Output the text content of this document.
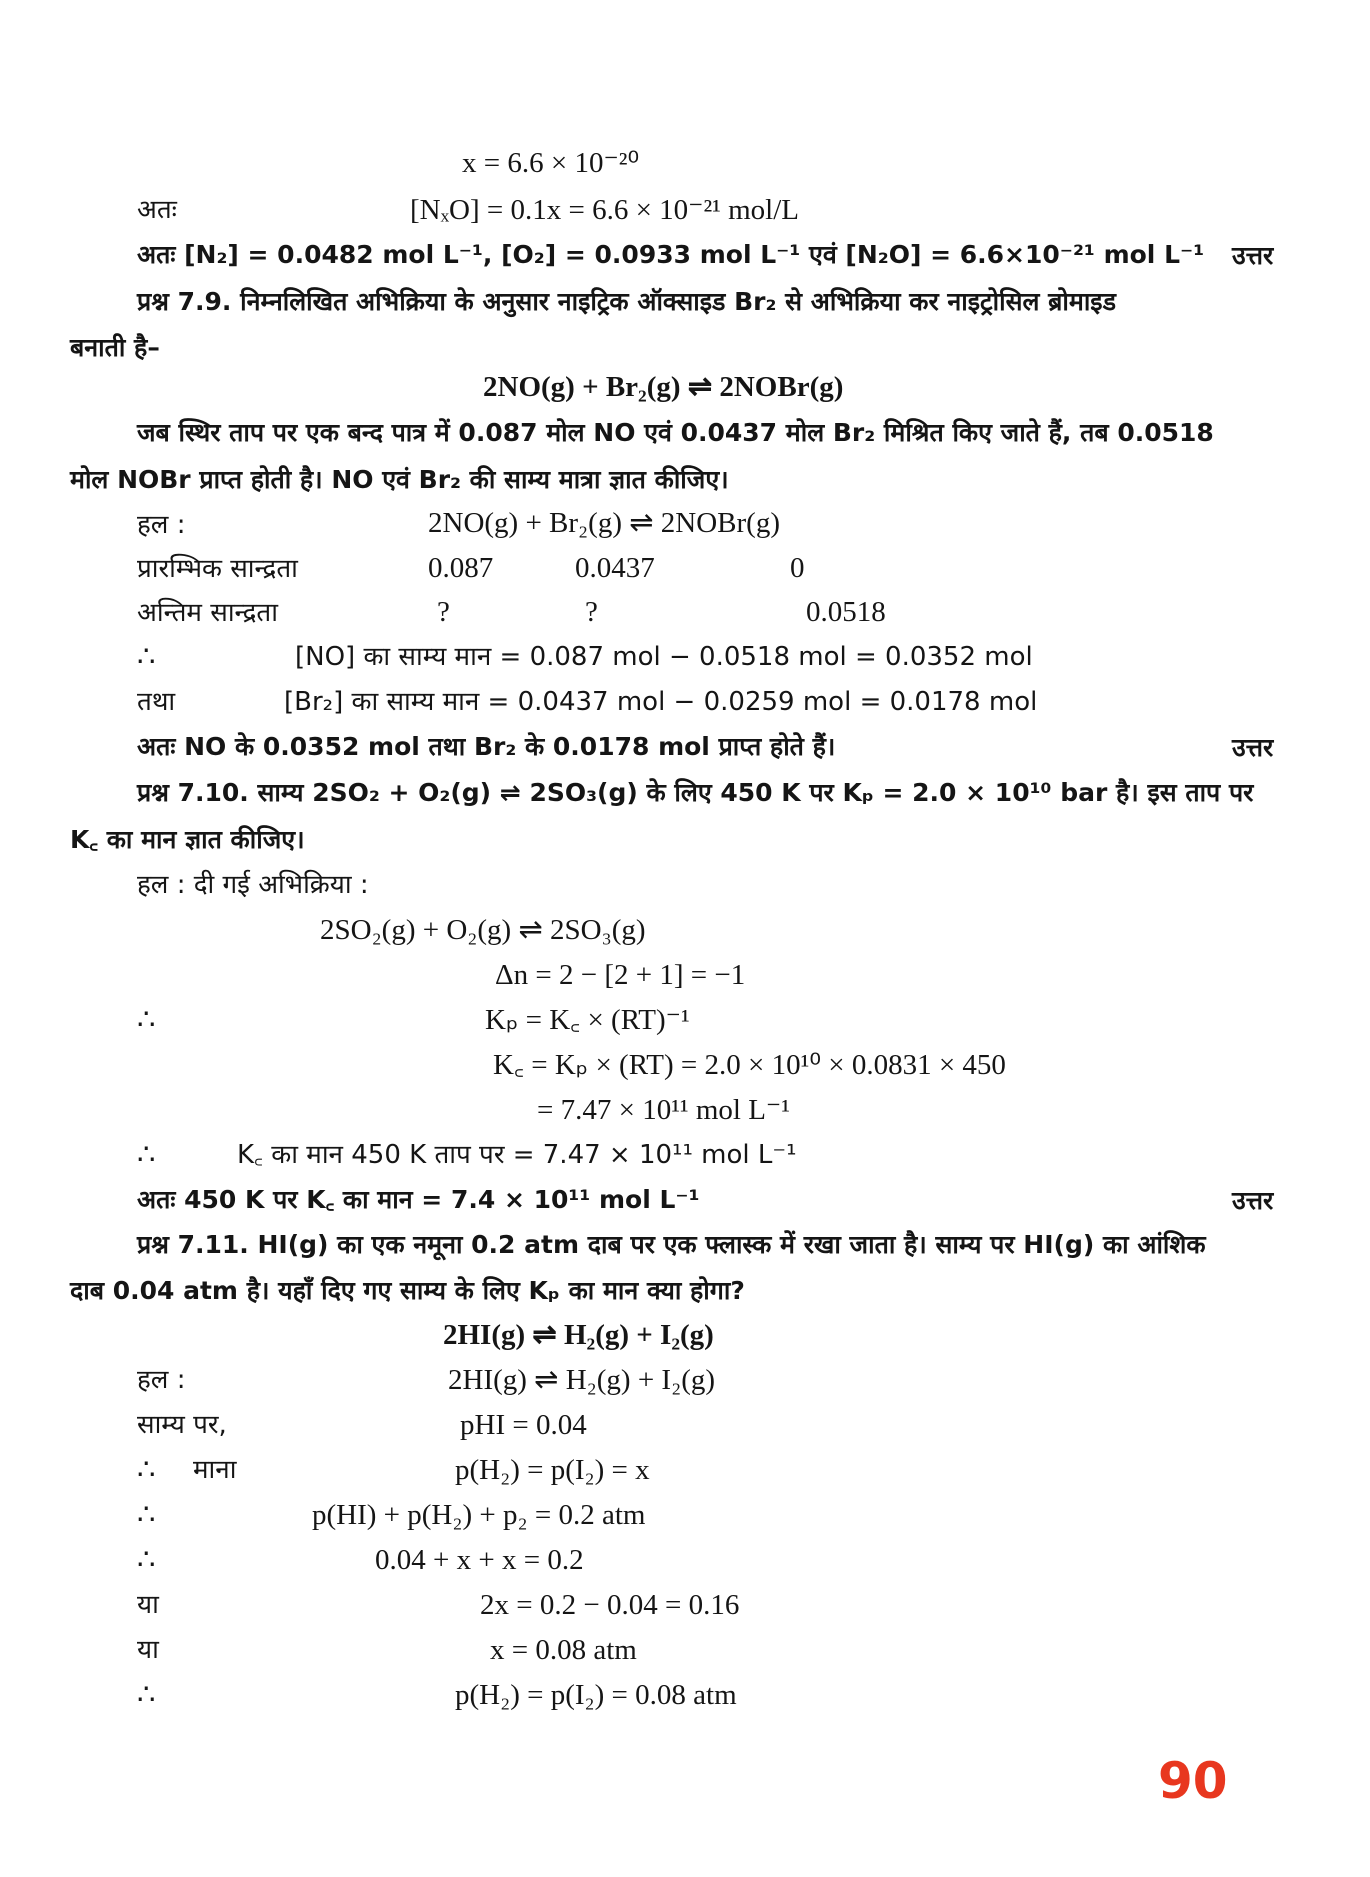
x = 6.6 × 10⁻²⁰
अतः	[NₓO] = 0.1x = 6.6 × 10⁻²¹ mol/L
अतः [N₂] = 0.0482 mol L⁻¹, [O₂] = 0.0933 mol L⁻¹ एवं [N₂O] = 6.6×10⁻²¹ mol L⁻¹ उत्तर
प्रश्न 7.9. निम्नलिखित अभिक्रिया के अनुसार नाइट्रिक ऑक्साइड Br₂ से अभिक्रिया कर नाइट्रोसिल ब्रोमाइड
बनाती है–
2NO(g) + Br₂(g) ⇌ 2NOBr(g)
जब स्थिर ताप पर एक बन्द पात्र में 0.087 मोल NO एवं 0.0437 मोल Br₂ मिश्रित किए जाते हैं, तब 0.0518
मोल NOBr प्राप्त होती है। NO एवं Br₂ की साम्य मात्रा ज्ञात कीजिए।
हल :	2NO(g) + Br₂(g) ⇌ 2NOBr(g)
प्रारम्भिक सान्द्रता	0.087	0.0437	0
अन्तिम सान्द्रता	?	?	0.0518
∴	[NO] का साम्य मान = 0.087 mol − 0.0518 mol = 0.0352 mol
तथा	[Br₂] का साम्य मान = 0.0437 mol − 0.0259 mol = 0.0178 mol
अतः NO के 0.0352 mol तथा Br₂ के 0.0178 mol प्राप्त होते हैं।	उत्तर
प्रश्न 7.10. साम्य 2SO₂ + O₂(g) ⇌ 2SO₃(g) के लिए 450 K पर Kₚ = 2.0 × 10¹⁰ bar है। इस ताप पर
K꜀ का मान ज्ञात कीजिए।
हल : दी गई अभिक्रिया :
2SO₂(g) + O₂(g) ⇌ 2SO₃(g)
Δn = 2 − [2 + 1] = −1
∴	Kₚ = K꜀ × (RT)⁻¹
K꜀ = Kₚ × (RT) = 2.0 × 10¹⁰ × 0.0831 × 450
= 7.47 × 10¹¹ mol L⁻¹
∴	K꜀ का मान 450 K ताप पर = 7.47 × 10¹¹ mol L⁻¹
अतः 450 K पर K꜀ का मान = 7.4 × 10¹¹ mol L⁻¹	उत्तर
प्रश्न 7.11. HI(g) का एक नमूना 0.2 atm दाब पर एक फ्लास्क में रखा जाता है। साम्य पर HI(g) का आंशिक
दाब 0.04 atm है। यहाँ दिए गए साम्य के लिए Kₚ का मान क्या होगा?
2HI(g) ⇌ H₂(g) + I₂(g)
हल :	2HI(g) ⇌ H₂(g) + I₂(g)
साम्य पर,	pHI = 0.04
∴ माना	p(H₂) = p(I₂) = x
∴	p(HI) + p(H₂) + p₂ = 0.2 atm
∴	0.04 + x + x = 0.2
या	2x = 0.2 − 0.04 = 0.16
या	x = 0.08 atm
∴	p(H₂) = p(I₂) = 0.08 atm
90
